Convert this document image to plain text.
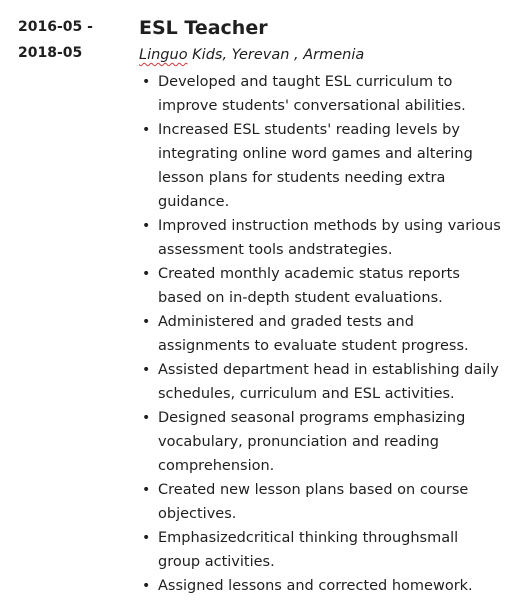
2016-05 -
2018-05
ESL Teacher

Linguo Kids, Yerevan , Armenia

• Developed and taught ESL curriculum to improve students' conversational abilities.
• Increased ESL students' reading levels by integrating online word games and altering lesson plans for students needing extra guidance.
• Improved instruction methods by using various assessment tools andstrategies.
• Created monthly academic status reports based on in-depth student evaluations.
• Administered and graded tests and assignments to evaluate student progress.
• Assisted department head in establishing daily schedules, curriculum and ESL activities.
• Designed seasonal programs emphasizing vocabulary, pronunciation and reading comprehension.
• Created new lesson plans based on course objectives.
• Emphasizedcritical thinking throughsmall group activities.
• Assigned lessons and corrected homework.
